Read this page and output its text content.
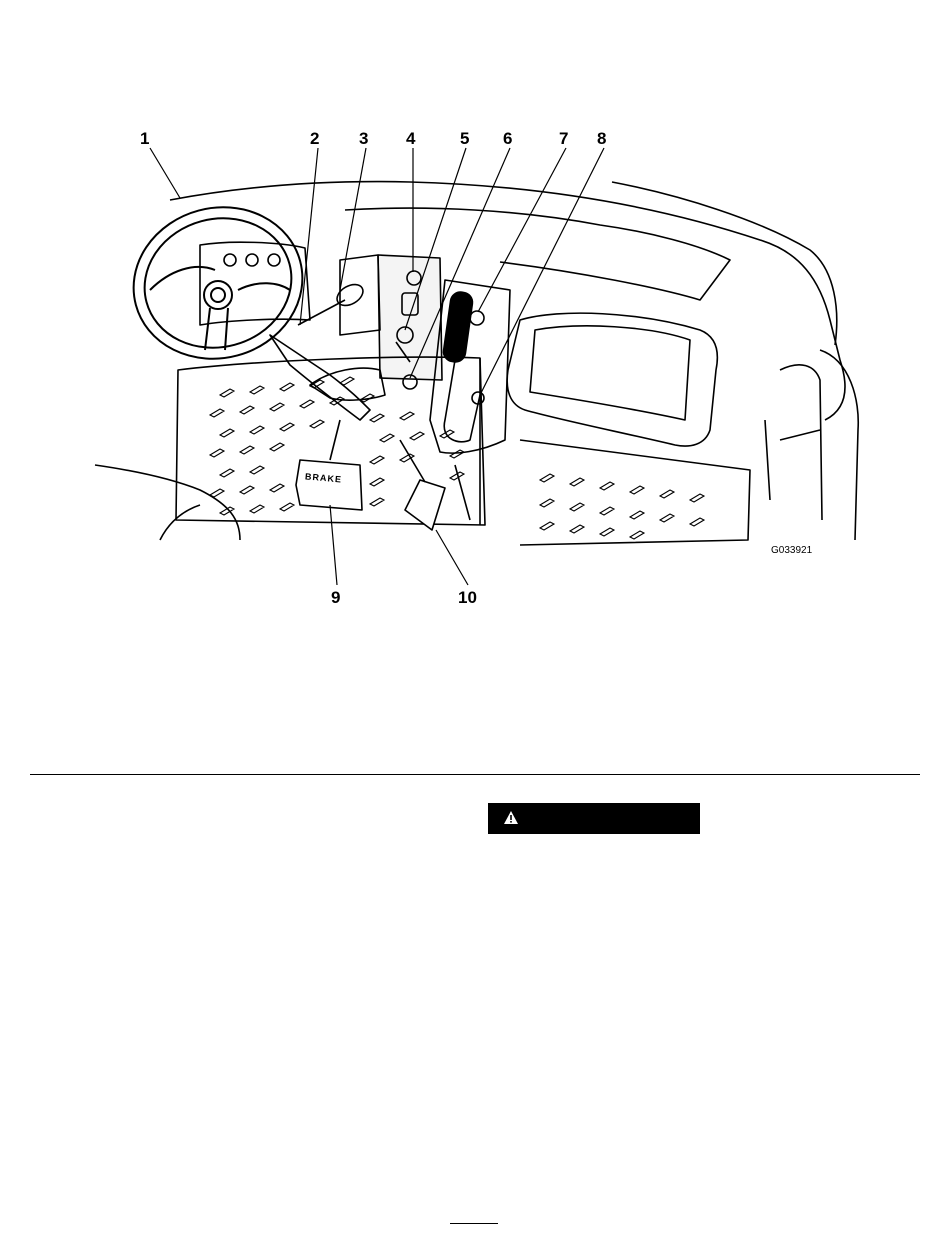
1	2 3 4	5 6	7 8
9	10
BRAKE
G033921
